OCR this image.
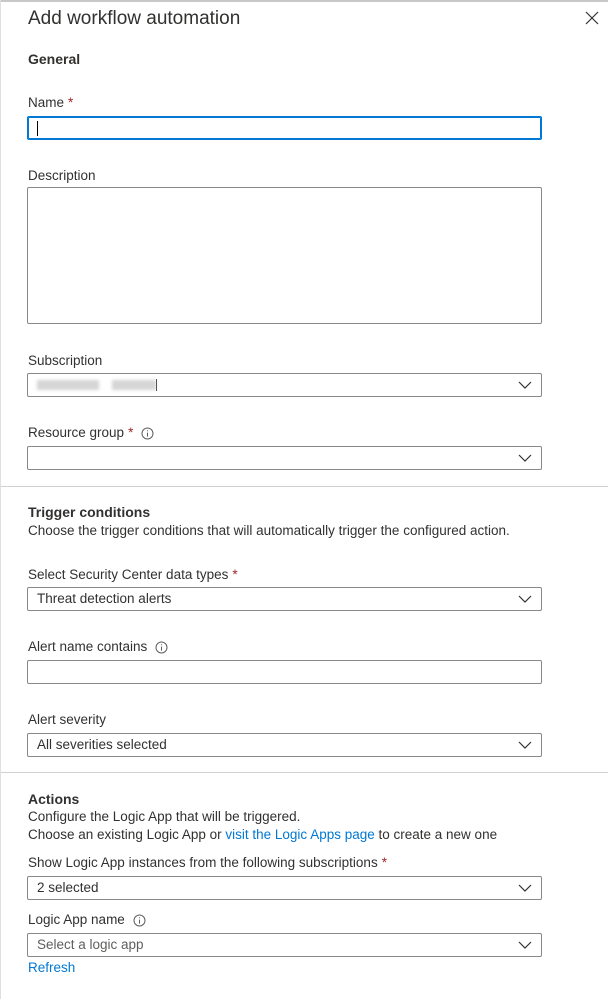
Add workflow automation
General
Name *
Description
Subscription
Resource group *
Trigger conditions
Choose the trigger conditions that will automatically trigger the configured action.
Select Security Center data types *
Threat detection alerts
Alert name contains
Alert severity
All severities selected
Actions
Configure the Logic App that will be triggered.
Choose an existing Logic App or visit the Logic Apps page to create a new one
Show Logic App instances from the following subscriptions *
2 selected
Logic App name
Select a logic app
Refresh
